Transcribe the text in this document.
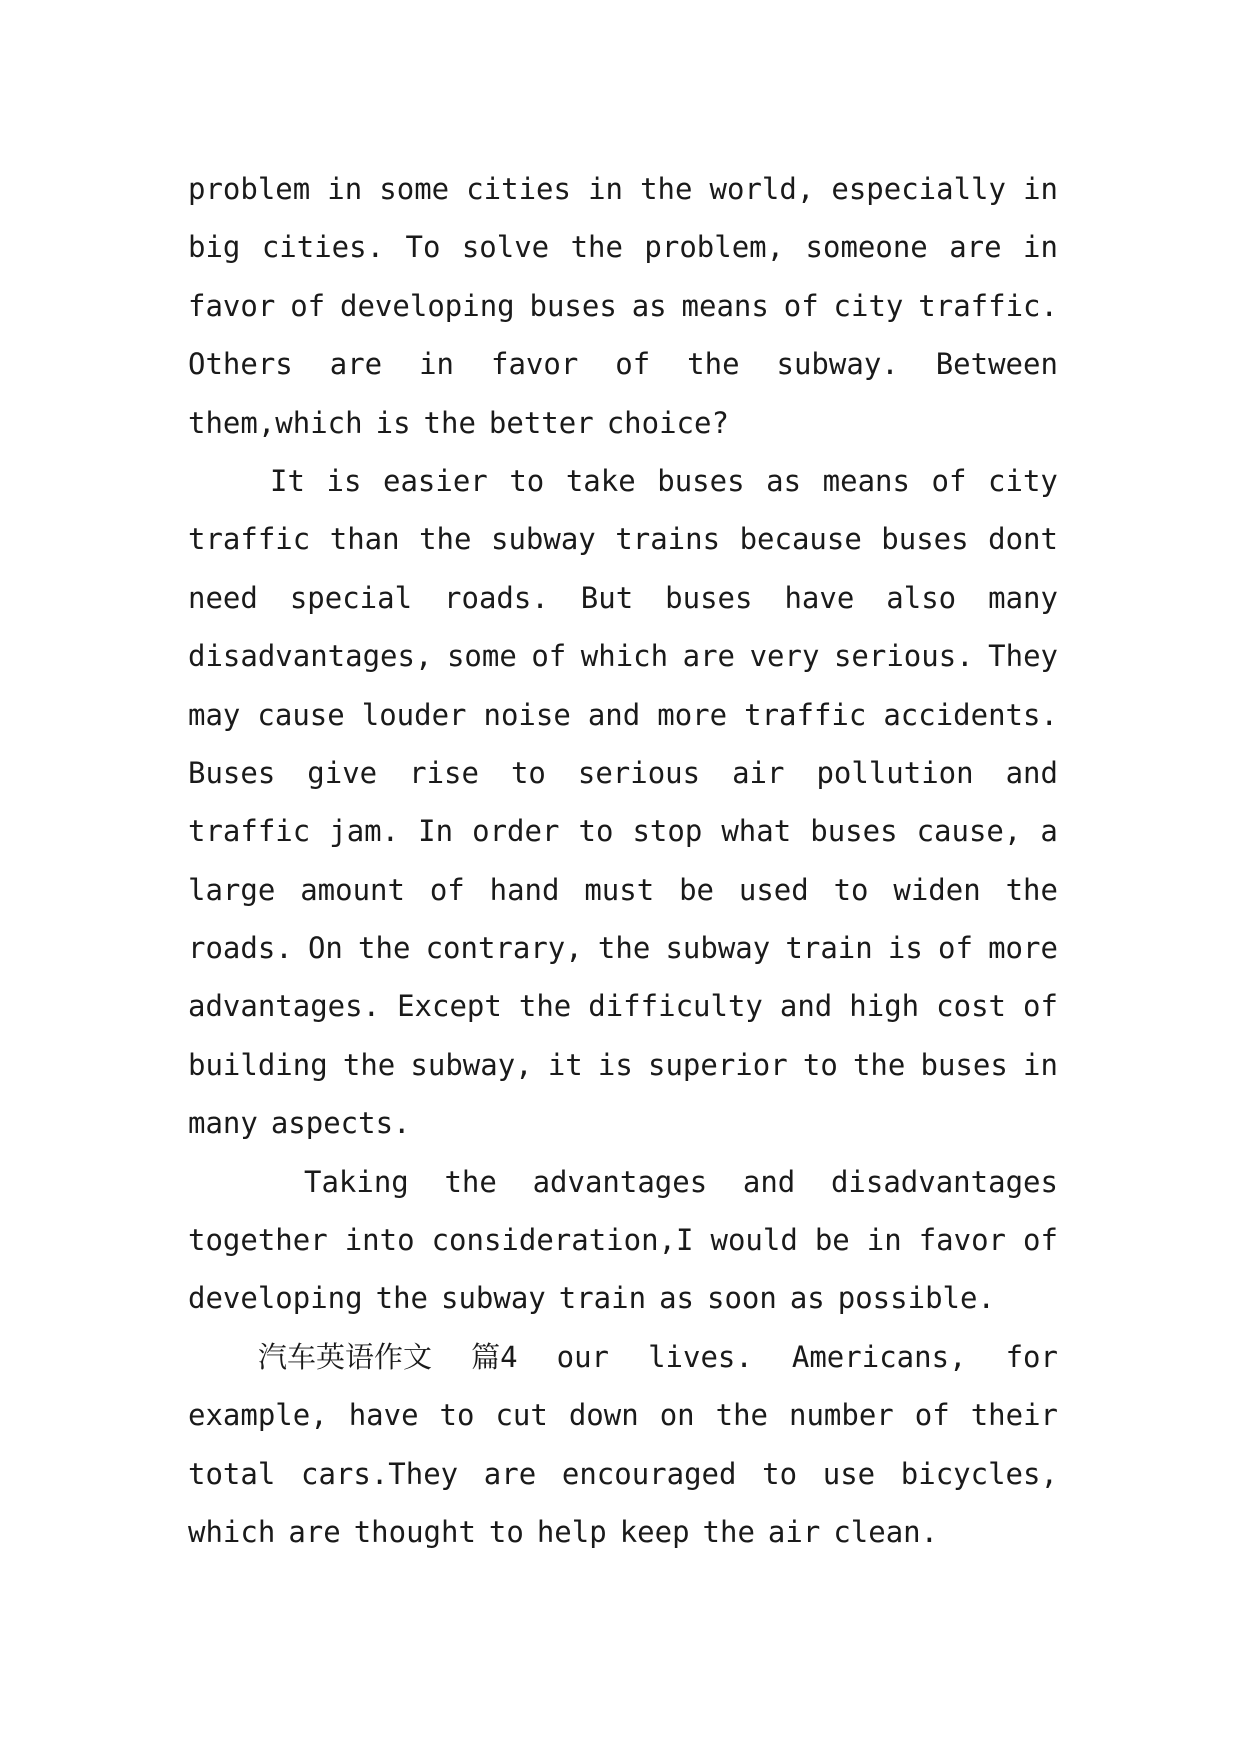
problem in some cities in the world, especially in
big cities. To solve the problem, someone are in
favor of developing buses as means of city traffic.
Others are in favor of the subway. Between
them,which is the better choice?
It is easier to take buses as means of city
traffic than the subway trains because buses dont
need special roads. But buses have also many
disadvantages, some of which are very serious. They
may cause louder noise and more traffic accidents.
Buses give rise to serious air pollution and
traffic jam. In order to stop what buses cause, a
large amount of hand must be used to widen the
roads. On the contrary, the subway train is of more
advantages. Except the difficulty and high cost of
building the subway, it is superior to the buses in
many aspects.
Taking the advantages and disadvantages
together into consideration,I would be in favor of
developing the subway train as soon as possible.
汽车英语作文 篇4 our lives. Americans, for
example, have to cut down on the number of their
total cars.They are encouraged to use bicycles,
which are thought to help keep the air clean.
